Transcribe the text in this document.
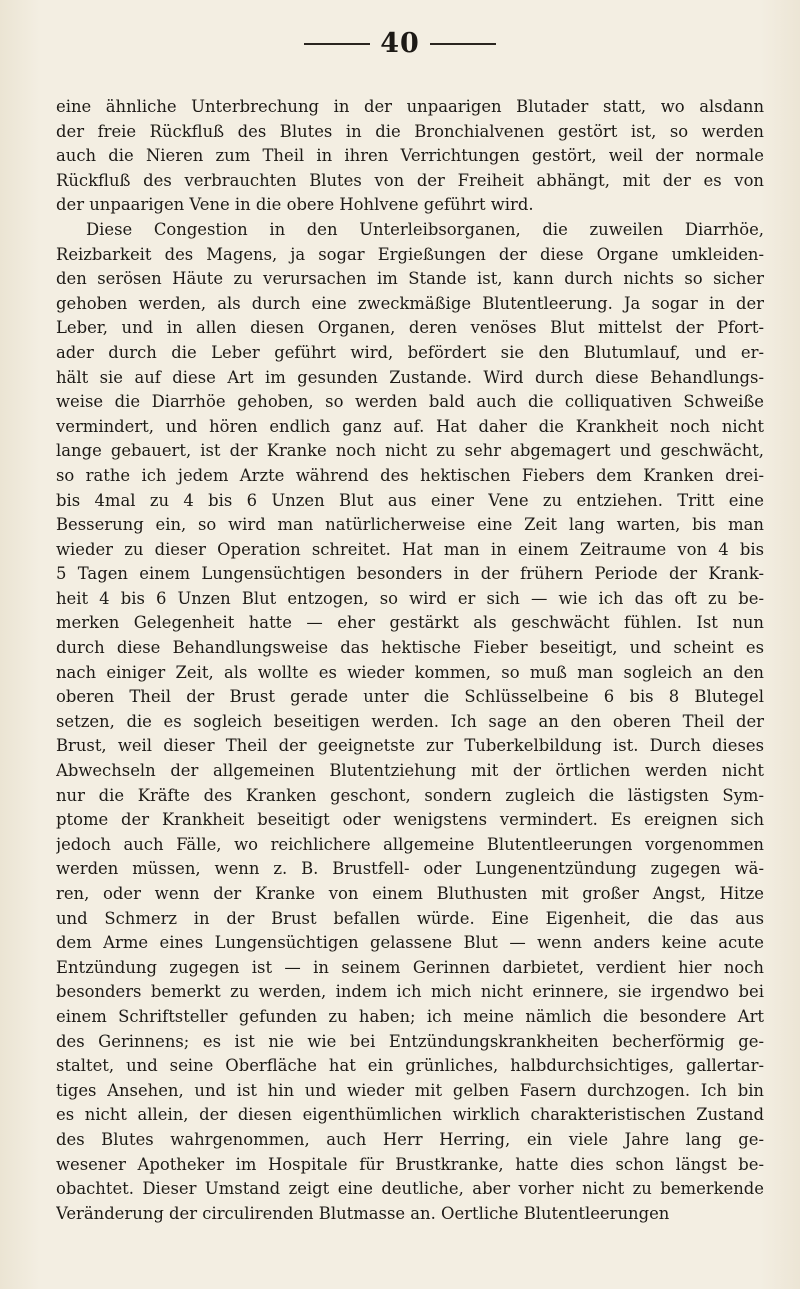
40
eine ähnliche Unterbrechung in der unpaarigen Blutader statt, wo alsdann
der freie Rückfluß des Blutes in die Bronchialvenen gestört ist, so werden
auch die Nieren zum Theil in ihren Verrichtungen gestört, weil der normale
Rückfluß des verbrauchten Blutes von der Freiheit abhängt, mit der es von
der unpaarigen Vene in die obere Hohlvene geführt wird.
Diese Congestion in den Unterleibsorganen, die zuweilen Diarrhöe,
Reizbarkeit des Magens, ja sogar Ergießungen der diese Organe umkleiden-
den serösen Häute zu verursachen im Stande ist, kann durch nichts so sicher
gehoben werden, als durch eine zweckmäßige Blutentleerung. Ja sogar in der
Leber, und in allen diesen Organen, deren venöses Blut mittelst der Pfort-
ader durch die Leber geführt wird, befördert sie den Blutumlauf, und er-
hält sie auf diese Art im gesunden Zustande. Wird durch diese Behandlungs-
weise die Diarrhöe gehoben, so werden bald auch die colliquativen Schweiße
vermindert, und hören endlich ganz auf. Hat daher die Krankheit noch nicht
lange gebauert, ist der Kranke noch nicht zu sehr abgemagert und geschwächt,
so rathe ich jedem Arzte während des hektischen Fiebers dem Kranken drei-
bis 4mal zu 4 bis 6 Unzen Blut aus einer Vene zu entziehen. Tritt eine
Besserung ein, so wird man natürlicherweise eine Zeit lang warten, bis man
wieder zu dieser Operation schreitet. Hat man in einem Zeitraume von 4 bis
5 Tagen einem Lungensüchtigen besonders in der frühern Periode der Krank-
heit 4 bis 6 Unzen Blut entzogen, so wird er sich — wie ich das oft zu be-
merken Gelegenheit hatte — eher gestärkt als geschwächt fühlen. Ist nun
durch diese Behandlungsweise das hektische Fieber beseitigt, und scheint es
nach einiger Zeit, als wollte es wieder kommen, so muß man sogleich an den
oberen Theil der Brust gerade unter die Schlüsselbeine 6 bis 8 Blutegel
setzen, die es sogleich beseitigen werden. Ich sage an den oberen Theil der
Brust, weil dieser Theil der geeignetste zur Tuberkelbildung ist. Durch dieses
Abwechseln der allgemeinen Blutentziehung mit der örtlichen werden nicht
nur die Kräfte des Kranken geschont, sondern zugleich die lästigsten Sym-
ptome der Krankheit beseitigt oder wenigstens vermindert. Es ereignen sich
jedoch auch Fälle, wo reichlichere allgemeine Blutentleerungen vorgenommen
werden müssen, wenn z. B. Brustfell- oder Lungenentzündung zugegen wä-
ren, oder wenn der Kranke von einem Bluthusten mit großer Angst, Hitze
und Schmerz in der Brust befallen würde. Eine Eigenheit, die das aus
dem Arme eines Lungensüchtigen gelassene Blut — wenn anders keine acute
Entzündung zugegen ist — in seinem Gerinnen darbietet, verdient hier noch
besonders bemerkt zu werden, indem ich mich nicht erinnere, sie irgendwo bei
einem Schriftsteller gefunden zu haben; ich meine nämlich die besondere Art
des Gerinnens; es ist nie wie bei Entzündungskrankheiten becherförmig ge-
staltet, und seine Oberfläche hat ein grünliches, halbdurchsichtiges, gallertar-
tiges Ansehen, und ist hin und wieder mit gelben Fasern durchzogen. Ich bin
es nicht allein, der diesen eigenthümlichen wirklich charakteristischen Zustand
des Blutes wahrgenommen, auch Herr Herring, ein viele Jahre lang ge-
wesener Apotheker im Hospitale für Brustkranke, hatte dies schon längst be-
obachtet. Dieser Umstand zeigt eine deutliche, aber vorher nicht zu bemerkende
Veränderung der circulirenden Blutmasse an. Oertliche Blutentleerungen
